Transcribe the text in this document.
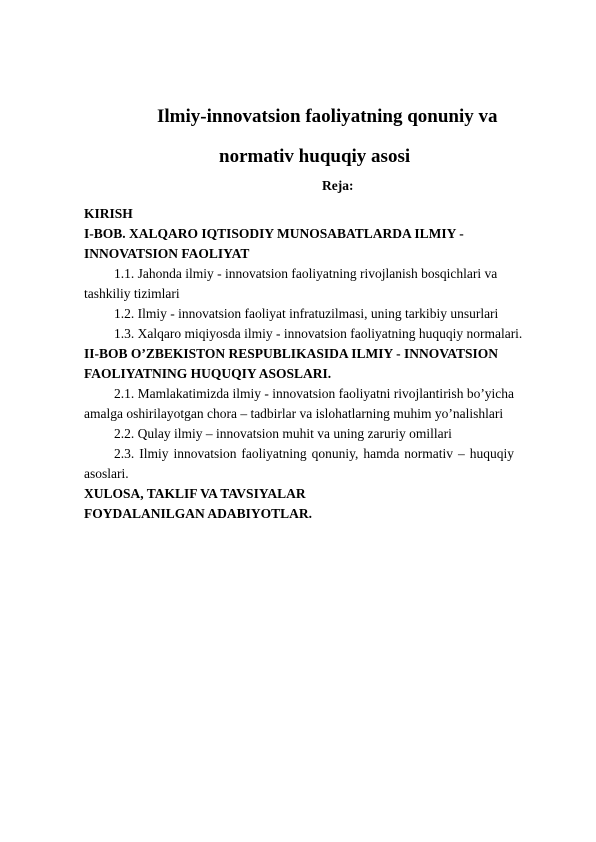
Ilmiy-innovatsion faoliyatning qonuniy va
normativ huquqiy asosi
Reja:

KIRISH

I-BOB. XALQARO IQTISODIY MUNOSABATLARDA ILMIY -

INNOVATSION FAOLIYAT

1.1. Jahonda ilmiy - innovatsion faoliyatning rivojlanish bosqichlari va

tashkiliy tizimlari

1.2. Ilmiy - innovatsion faoliyat infratuzilmasi, uning tarkibiy unsurlari

1.3. Xalqaro miqiyosda ilmiy - innovatsion faoliyatning huquqiy normalari.

II-BOB O’ZBEKISTON RESPUBLIKASIDA ILMIY - INNOVATSION

FAOLIYATNING HUQUQIY ASOSLARI.

2.1. Mamlakatimizda ilmiy - innovatsion faoliyatni rivojlantirish bo’yicha

amalga oshirilayotgan chora – tadbirlar va islohatlarning muhim yo’nalishlari

2.2. Qulay ilmiy – innovatsion muhit va uning zaruriy omillari

2.3. Ilmiy innovatsion faoliyatning qonuniy, hamda normativ – huquqiy

asoslari.

XULOSA, TAKLIF VA TAVSIYALAR

FOYDALANILGAN ADABIYOTLAR.
